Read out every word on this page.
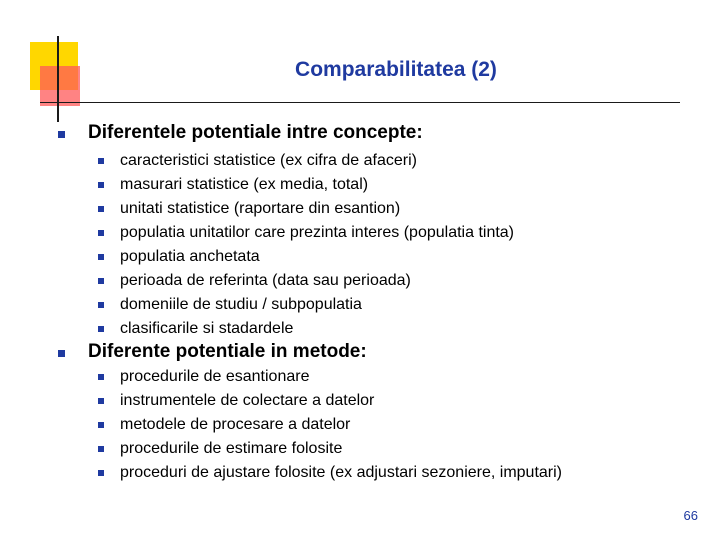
Comparabilitatea (2)
Diferentele potentiale intre concepte:
caracteristici statistice (ex cifra de afaceri)
masurari statistice (ex media, total)
unitati statistice (raportare din esantion)
populatia unitatilor care prezinta interes (populatia tinta)
populatia anchetata
perioada de referinta (data sau perioada)
domeniile de studiu / subpopulatia
clasificarile si stadardele
Diferente potentiale in metode:
procedurile de esantionare
instrumentele de colectare a datelor
metodele de procesare a datelor
procedurile de estimare folosite
proceduri de ajustare folosite (ex adjustari sezoniere, imputari)
66
